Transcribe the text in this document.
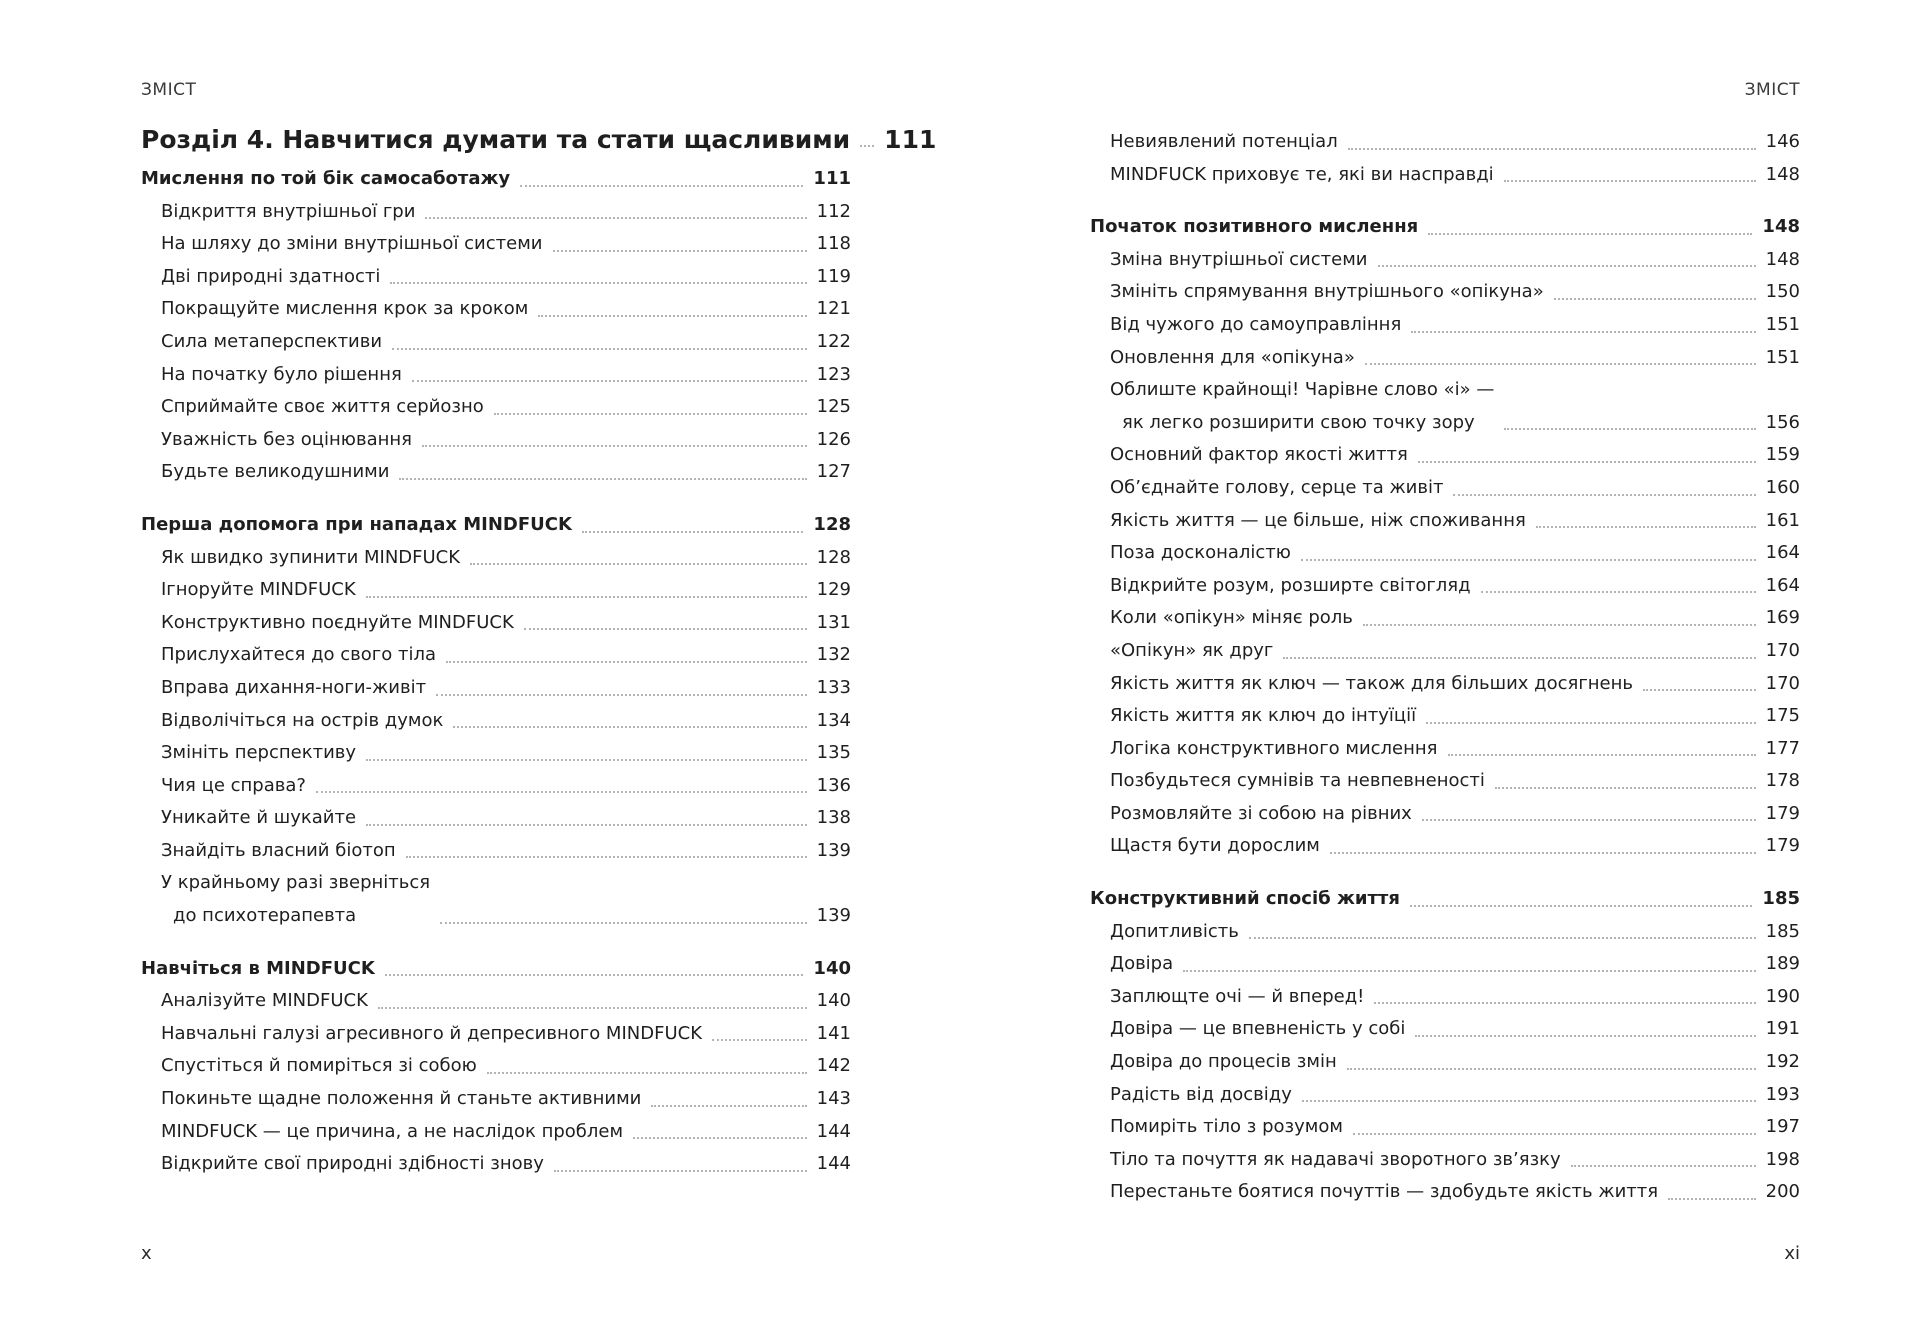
ЗМІСТ
Розділ 4. Навчитися думати та стати щасливими 111
Мислення по той бік самосаботажу	111
Відкриття внутрішньої гри	112
На шляху до зміни внутрішньої системи	118
Дві природні здатності	119
Покращуйте мислення крок за кроком	121
Сила метаперспективи	122
На початку було рішення	123
Сприймайте своє життя серйозно	125
Уважність без оцінювання	126
Будьте великодушними	127
Перша допомога при нападах MINDFUCK	128
Як швидко зупинити MINDFUCK	128
Ігноруйте MINDFUCK	129
Конструктивно поєднуйте MINDFUCK	131
Прислухайтеся до свого тіла	132
Вправа дихання-ноги-живіт	133
Відволічіться на острів думок	134
Змініть перспективу	135
Чия це справа?	136
Уникайте й шукайте	138
Знайдіть власний біотоп	139
У крайньому разі зверніться
до психотерапевта	139
Навчіться в MINDFUCK	140
Аналізуйте MINDFUCK	140
Навчальні галузі агресивного й депресивного MINDFUCK	141
Спустіться й помиріться зі собою	142
Покиньте щадне положення й станьте активними	143
MINDFUCK — це причина, а не наслідок проблем	144
Відкрийте свої природні здібності знову	144
x
ЗМІСТ
Невиявлений потенціал	146
MINDFUCK приховує те, які ви насправді	148
Початок позитивного мислення	148
Зміна внутрішньої системи	148
Змініть спрямування внутрішнього «опікуна»	150
Від чужого до самоуправління	151
Оновлення для «опікуна»	151
Облиште крайнощі! Чарівне слово «і» —
як легко розширити свою точку зору	156
Основний фактор якості життя	159
Об’єднайте голову, серце та живіт	160
Якість життя — це більше, ніж споживання	161
Поза досконалістю	164
Відкрийте розум, розширте світогляд	164
Коли «опікун» міняє роль	169
«Опікун» як друг	170
Якість життя як ключ — також для більших досягнень	170
Якість життя як ключ до інтуїції	175
Логіка конструктивного мислення	177
Позбудьтеся сумнівів та невпевненості	178
Розмовляйте зі собою на рівних	179
Щастя бути дорослим	179
Конструктивний спосіб життя	185
Допитливість	185
Довіра	189
Заплющте очі — й вперед!	190
Довіра — це впевненість у собі	191
Довіра до процесів змін	192
Радість від досвіду	193
Помиріть тіло з розумом	197
Тіло та почуття як надавачі зворотного зв’язку	198
Перестаньте боятися почуттів — здобудьте якість життя	200
xi
